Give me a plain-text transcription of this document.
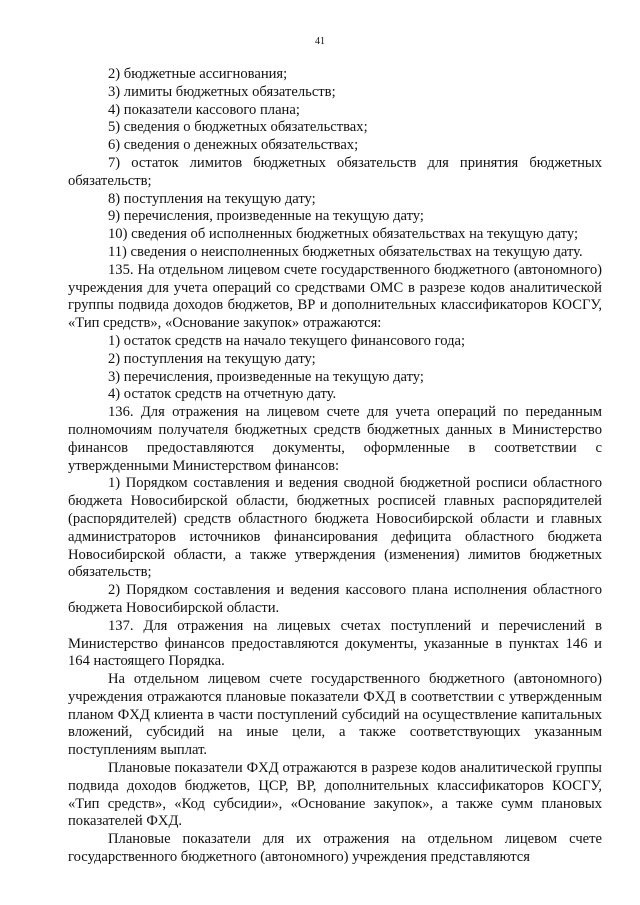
41

2) бюджетные ассигнования;

3) лимиты бюджетных обязательств;

4) показатели кассового плана;

5) сведения о бюджетных обязательствах;

6) сведения о денежных обязательствах;

7) остаток лимитов бюджетных обязательств для принятия бюджетных обязательств;

8) поступления на текущую дату;

9) перечисления, произведенные на текущую дату;

10) сведения об исполненных бюджетных обязательствах на текущую дату;

11) сведения о неисполненных бюджетных обязательствах на текущую дату.

135. На отдельном лицевом счете государственного бюджетного (автономного) учреждения для учета операций со средствами ОМС в разрезе кодов аналитической группы подвида доходов бюджетов, ВР и дополнительных классификаторов КОСГУ, «Тип средств», «Основание закупок» отражаются:

1) остаток средств на начало текущего финансового года;

2) поступления на текущую дату;

3) перечисления, произведенные на текущую дату;

4) остаток средств на отчетную дату.

136. Для отражения на лицевом счете для учета операций по переданным полномочиям получателя бюджетных средств бюджетных данных в Министерство финансов предоставляются документы, оформленные в соответствии с утвержденными Министерством финансов:

1) Порядком составления и ведения сводной бюджетной росписи областного бюджета Новосибирской области, бюджетных росписей главных распорядителей (распорядителей) средств областного бюджета Новосибирской области и главных администраторов источников финансирования дефицита областного бюджета Новосибирской области, а также утверждения (изменения) лимитов бюджетных обязательств;

2) Порядком составления и ведения кассового плана исполнения областного бюджета Новосибирской области.

137. Для отражения на лицевых счетах поступлений и перечислений в Министерство финансов предоставляются документы, указанные в пунктах 146 и 164 настоящего Порядка.

На отдельном лицевом счете государственного бюджетного (автономного) учреждения отражаются плановые показатели ФХД в соответствии с утвержденным планом ФХД клиента в части поступлений субсидий на осуществление капитальных вложений, субсидий на иные цели, а также соответствующих указанным поступлениям выплат.

Плановые показатели ФХД отражаются в разрезе кодов аналитической группы подвида доходов бюджетов, ЦСР, ВР, дополнительных классификаторов КОСГУ, «Тип средств», «Код субсидии», «Основание закупок», а также сумм плановых показателей ФХД.

Плановые показатели для их отражения на отдельном лицевом счете государственного бюджетного (автономного) учреждения представляются
